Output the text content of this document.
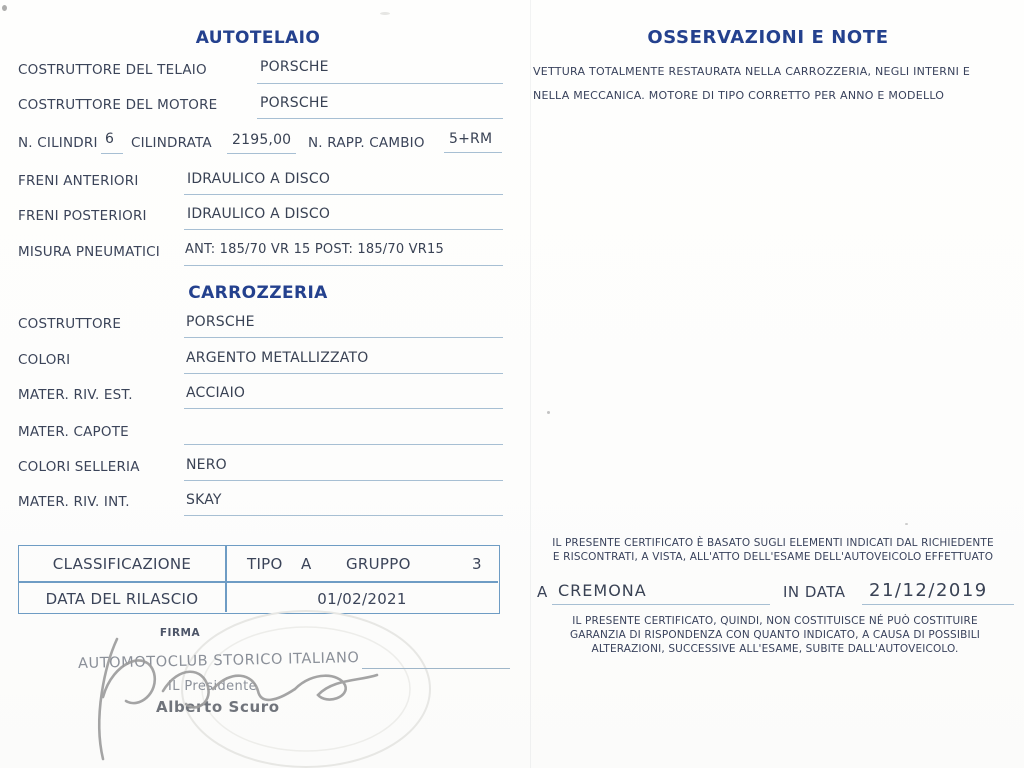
AUTOTELAIO
COSTRUTTORE DEL TELAIO	PORSCHE
COSTRUTTORE DEL MOTORE	PORSCHE
N. CILINDRI 6 CILINDRATA 2195,00 N. RAPP. CAMBIO 5+RM
FRENI ANTERIORI	IDRAULICO A DISCO
FRENI POSTERIORI	IDRAULICO A DISCO
MISURA PNEUMATICI ANT: 185/70 VR 15 POST: 185/70 VR15
CARROZZERIA
COSTRUTTORE	PORSCHE
COLORI	ARGENTO METALLIZZATO
MATER. RIV. EST.	ACCIAIO
MATER. CAPOTE
COLORI SELLERIA	NERO
MATER. RIV. INT.	SKAY
CLASSIFICAZIONE	TIPO A GRUPPO	3
DATA DEL RILASCIO	01/02/2021
FIRMA
AUTOMOTOCLUB STORICO ITALIANO
IL Presidente
Alberto Scuro
OSSERVAZIONI E NOTE
VETTURA TOTALMENTE RESTAURATA NELLA CARROZZERIA, NEGLI INTERNI E
NELLA MECCANICA. MOTORE DI TIPO CORRETTO PER ANNO E MODELLO
IL PRESENTE CERTIFICATO È BASATO SUGLI ELEMENTI INDICATI DAL RICHIEDENTE
E RISCONTRATI, A VISTA, ALL'ATTO DELL'ESAME DELL'AUTOVEICOLO EFFETTUATO
A CREMONA	IN DATA 21/12/2019
IL PRESENTE CERTIFICATO, QUINDI, NON COSTITUISCE NÉ PUÒ COSTITUIRE
GARANZIA DI RISPONDENZA CON QUANTO INDICATO, A CAUSA DI POSSIBILI
ALTERAZIONI, SUCCESSIVE ALL'ESAME, SUBITE DALL'AUTOVEICOLO.
